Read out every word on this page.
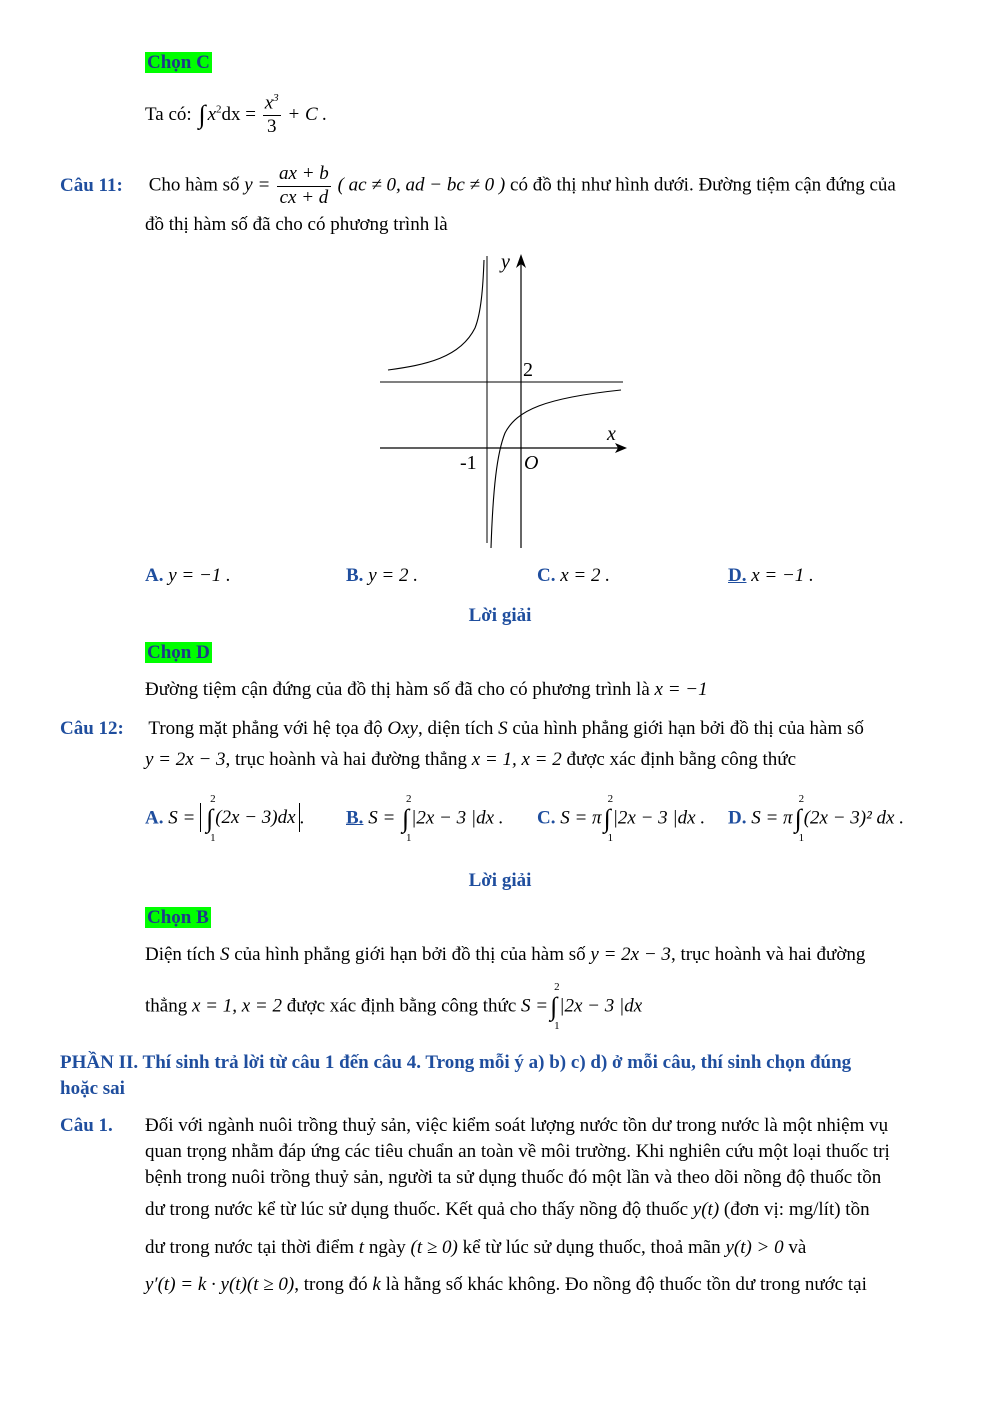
Chọn C
Ta có: ∫ $x^2dx = \frac{x^3}{3} + C$ .
Câu 11: Cho hàm số $y = \frac{ax + b}{cx + d}$ ( ac ≠ 0, ad − bc ≠ 0 ) có đồ thị như hình dưới. Đường tiệm cận đứng của
đồ thị hàm số đã cho có phương trình là
y
x
O
2
-1
A. y = −1 .	B. y = 2 .	C. x = 2 .	D. x = −1 .
Lời giải
Chọn D
Đường tiệm cận đứng của đồ thị hàm số đã cho có phương trình là x = −1
Câu 12: Trong mặt phẳng với hệ tọa độ Oxy, diện tích S của hình phẳng giới hạn bởi đồ thị của hàm số
y = 2x − 3, trục hoành và hai đường thẳng x = 1, x = 2 được xác định bằng công thức
A. S = ∫
2
1
(2x − 3)dx . B. S = ∫
2
1
|2x − 3 |dx . C. S = π∫
2
1
|2x − 3 |dx . D. S = π∫
2
1
(2x − 3)² dx .
Lời giải
Chọn B
Diện tích S của hình phẳng giới hạn bởi đồ thị của hàm số y = 2x − 3, trục hoành và hai đường
thẳng x = 1, x = 2 được xác định bằng công thức S =∫
2
1
|2x − 3 |dx
PHẦN II. Thí sinh trả lời từ câu 1 đến câu 4. Trong mỗi ý a) b) c) d) ở mỗi câu, thí sinh chọn đúng
hoặc sai
Câu 1. Đối với ngành nuôi trồng thuỷ sản, việc kiểm soát lượng nước tồn dư trong nước là một nhiệm vụ
quan trọng nhằm đáp ứng các tiêu chuẩn an toàn về môi trường. Khi nghiên cứu một loại thuốc trị
bệnh trong nuôi trồng thuỷ sản, người ta sử dụng thuốc đó một lần và theo dõi nồng độ thuốc tồn
dư trong nước kể từ lúc sử dụng thuốc. Kết quả cho thấy nồng độ thuốc y(t) (đơn vị: mg/lít) tồn
dư trong nước tại thời điểm t ngày (t ≥ 0) kể từ lúc sử dụng thuốc, thoả mãn y(t) > 0 và
y′(t) = k · y(t)(t ≥ 0), trong đó k là hằng số khác không. Đo nồng độ thuốc tồn dư trong nước tại
